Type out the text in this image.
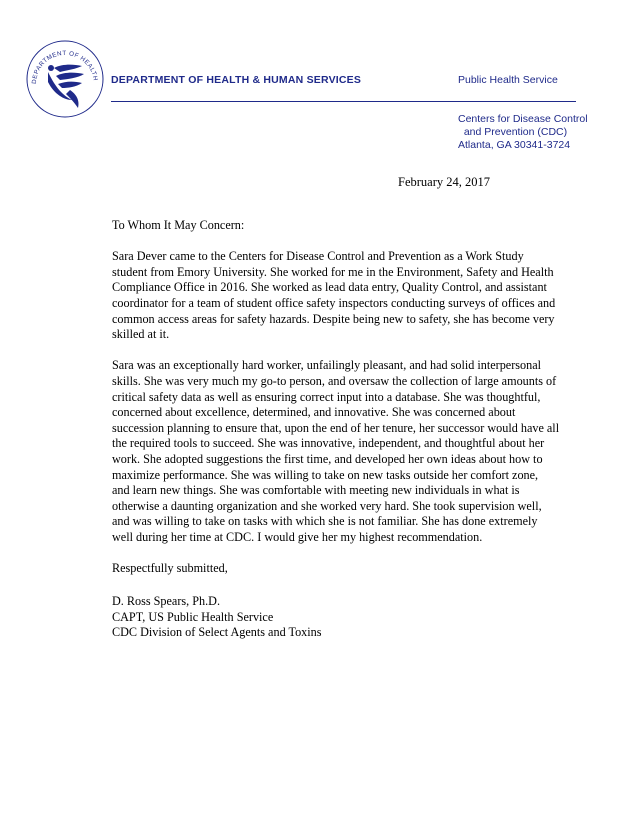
DEPARTMENT OF HEALTH DEPARTMENT OF HEALTH & HUMAN SERVICES	Public Health Service
Centers for Disease Control
and Prevention (CDC)
Atlanta, GA 30341-3724
February 24, 2017

To Whom It May Concern:

Sara Dever came to the Centers for Disease Control and Prevention as a Work Study
student from Emory University. She worked for me in the Environment, Safety and Health
Compliance Office in 2016. She worked as lead data entry, Quality Control, and assistant
coordinator for a team of student office safety inspectors conducting surveys of offices and
common access areas for safety hazards. Despite being new to safety, she has become very
skilled at it.

Sara was an exceptionally hard worker, unfailingly pleasant, and had solid interpersonal
skills. She was very much my go-to person, and oversaw the collection of large amounts of
critical safety data as well as ensuring correct input into a database. She was thoughtful,
concerned about excellence, determined, and innovative. She was concerned about
succession planning to ensure that, upon the end of her tenure, her successor would have all
the required tools to succeed. She was innovative, independent, and thoughtful about her
work. She adopted suggestions the first time, and developed her own ideas about how to
maximize performance. She was willing to take on new tasks outside her comfort zone,
and learn new things. She was comfortable with meeting new individuals in what is
otherwise a daunting organization and she worked very hard. She took supervision well,
and was willing to take on tasks with which she is not familiar. She has done extremely
well during her time at CDC. I would give her my highest recommendation.

Respectfully submitted,

D. Ross Spears, Ph.D.
CAPT, US Public Health Service
CDC Division of Select Agents and Toxins
